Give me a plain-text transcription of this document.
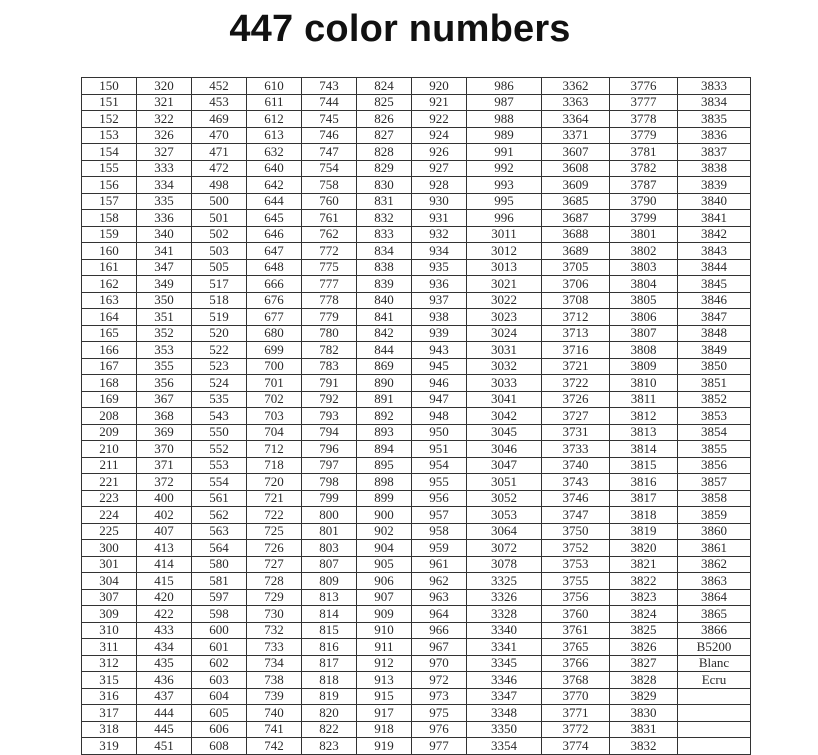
447 color numbers
150	320	452	610	743	824	920	986	3362	3776	3833
151	321	453	611	744	825	921	987	3363	3777	3834
152	322	469	612	745	826	922	988	3364	3778	3835
153	326	470	613	746	827	924	989	3371	3779	3836
154	327	471	632	747	828	926	991	3607	3781	3837
155	333	472	640	754	829	927	992	3608	3782	3838
156	334	498	642	758	830	928	993	3609	3787	3839
157	335	500	644	760	831	930	995	3685	3790	3840
158	336	501	645	761	832	931	996	3687	3799	3841
159	340	502	646	762	833	932	3011	3688	3801	3842
160	341	503	647	772	834	934	3012	3689	3802	3843
161	347	505	648	775	838	935	3013	3705	3803	3844
162	349	517	666	777	839	936	3021	3706	3804	3845
163	350	518	676	778	840	937	3022	3708	3805	3846
164	351	519	677	779	841	938	3023	3712	3806	3847
165	352	520	680	780	842	939	3024	3713	3807	3848
166	353	522	699	782	844	943	3031	3716	3808	3849
167	355	523	700	783	869	945	3032	3721	3809	3850
168	356	524	701	791	890	946	3033	3722	3810	3851
169	367	535	702	792	891	947	3041	3726	3811	3852
208	368	543	703	793	892	948	3042	3727	3812	3853
209	369	550	704	794	893	950	3045	3731	3813	3854
210	370	552	712	796	894	951	3046	3733	3814	3855
211	371	553	718	797	895	954	3047	3740	3815	3856
221	372	554	720	798	898	955	3051	3743	3816	3857
223	400	561	721	799	899	956	3052	3746	3817	3858
224	402	562	722	800	900	957	3053	3747	3818	3859
225	407	563	725	801	902	958	3064	3750	3819	3860
300	413	564	726	803	904	959	3072	3752	3820	3861
301	414	580	727	807	905	961	3078	3753	3821	3862
304	415	581	728	809	906	962	3325	3755	3822	3863
307	420	597	729	813	907	963	3326	3756	3823	3864
309	422	598	730	814	909	964	3328	3760	3824	3865
310	433	600	732	815	910	966	3340	3761	3825	3866
311	434	601	733	816	911	967	3341	3765	3826	B5200
312	435	602	734	817	912	970	3345	3766	3827	Blanc
315	436	603	738	818	913	972	3346	3768	3828	Ecru
316	437	604	739	819	915	973	3347	3770	3829	
317	444	605	740	820	917	975	3348	3771	3830	
318	445	606	741	822	918	976	3350	3772	3831	
319	451	608	742	823	919	977	3354	3774	3832	
